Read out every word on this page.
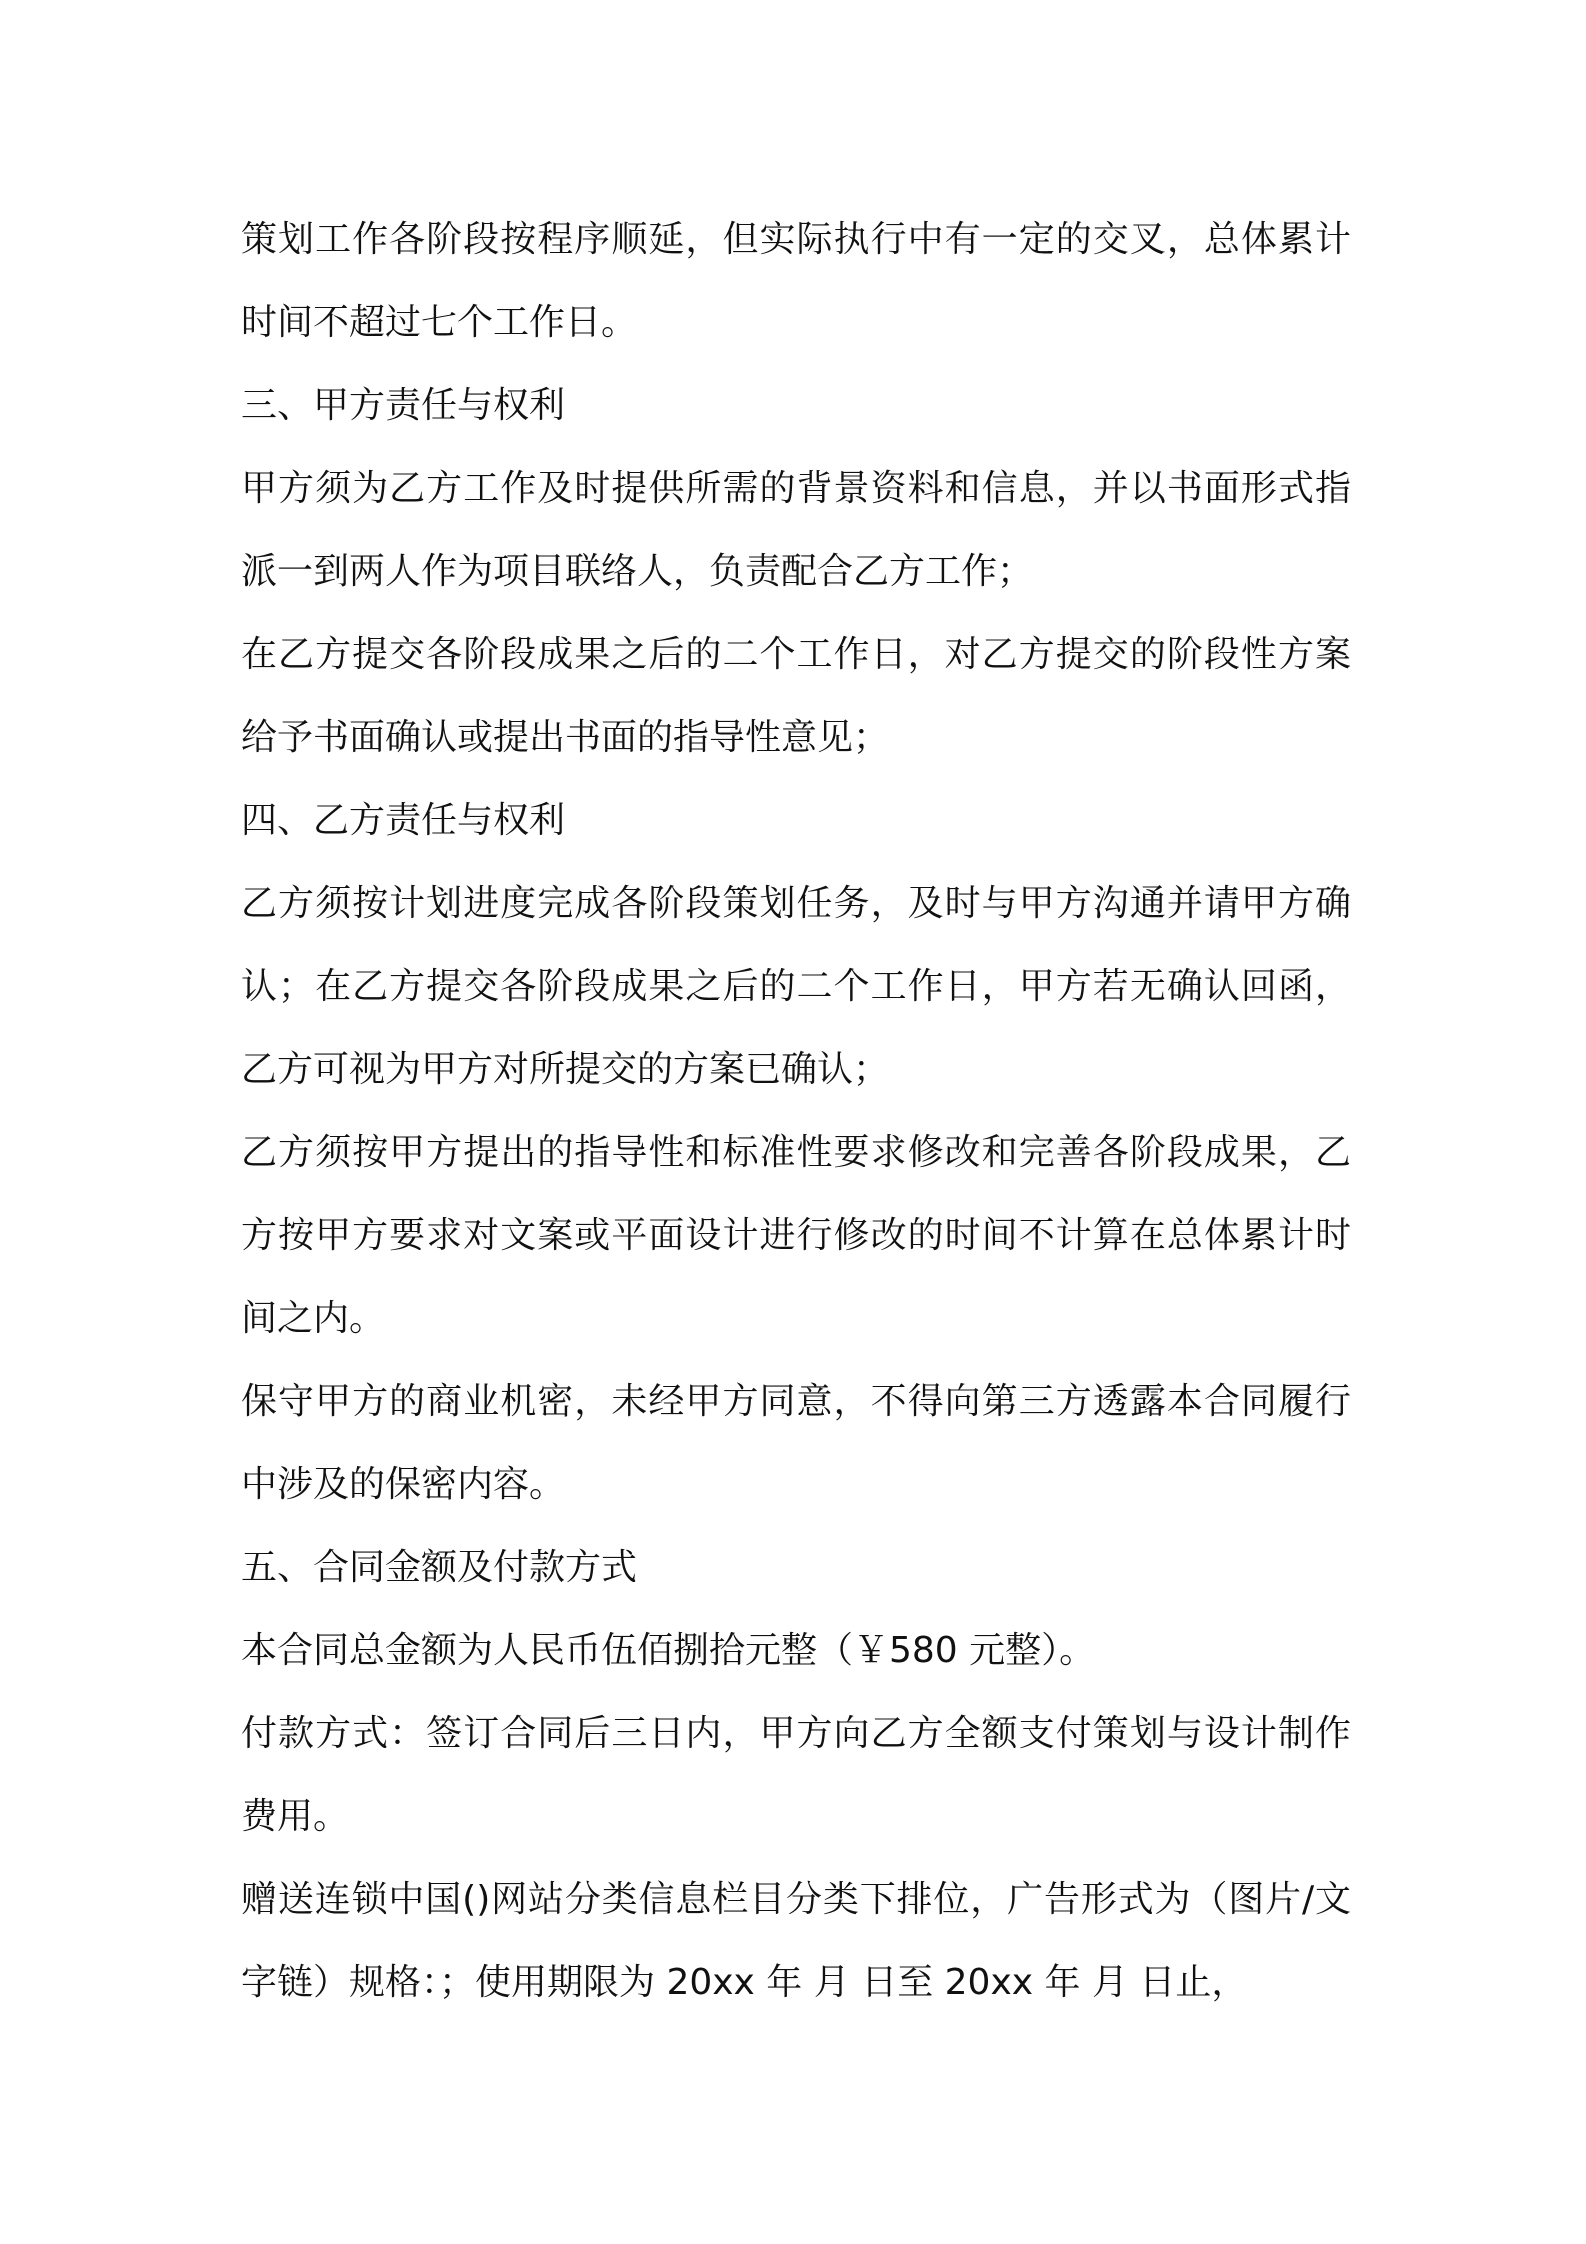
策划工作各阶段按程序顺延，但实际执行中有一定的交叉，总体累计时间不超过七个工作日。

三、甲方责任与权利

甲方须为乙方工作及时提供所需的背景资料和信息，并以书面形式指派一到两人作为项目联络人，负责配合乙方工作；

在乙方提交各阶段成果之后的二个工作日，对乙方提交的阶段性方案给予书面确认或提出书面的指导性意见；

四、乙方责任与权利

乙方须按计划进度完成各阶段策划任务，及时与甲方沟通并请甲方确认；在乙方提交各阶段成果之后的二个工作日，甲方若无确认回函，乙方可视为甲方对所提交的方案已确认；

乙方须按甲方提出的指导性和标准性要求修改和完善各阶段成果，乙方按甲方要求对文案或平面设计进行修改的时间不计算在总体累计时间之内。

保守甲方的商业机密，未经甲方同意，不得向第三方透露本合同履行中涉及的保密内容。

五、合同金额及付款方式

本合同总金额为人民币伍佰捌拾元整（￥580 元整）。

付款方式：签订合同后三日内，甲方向乙方全额支付策划与设计制作费用。

赠送连锁中国()网站分类信息栏目分类下排位，广告形式为（图片/文字链）规格：；使用期限为 20xx 年 月 日至 20xx 年 月 日止，
